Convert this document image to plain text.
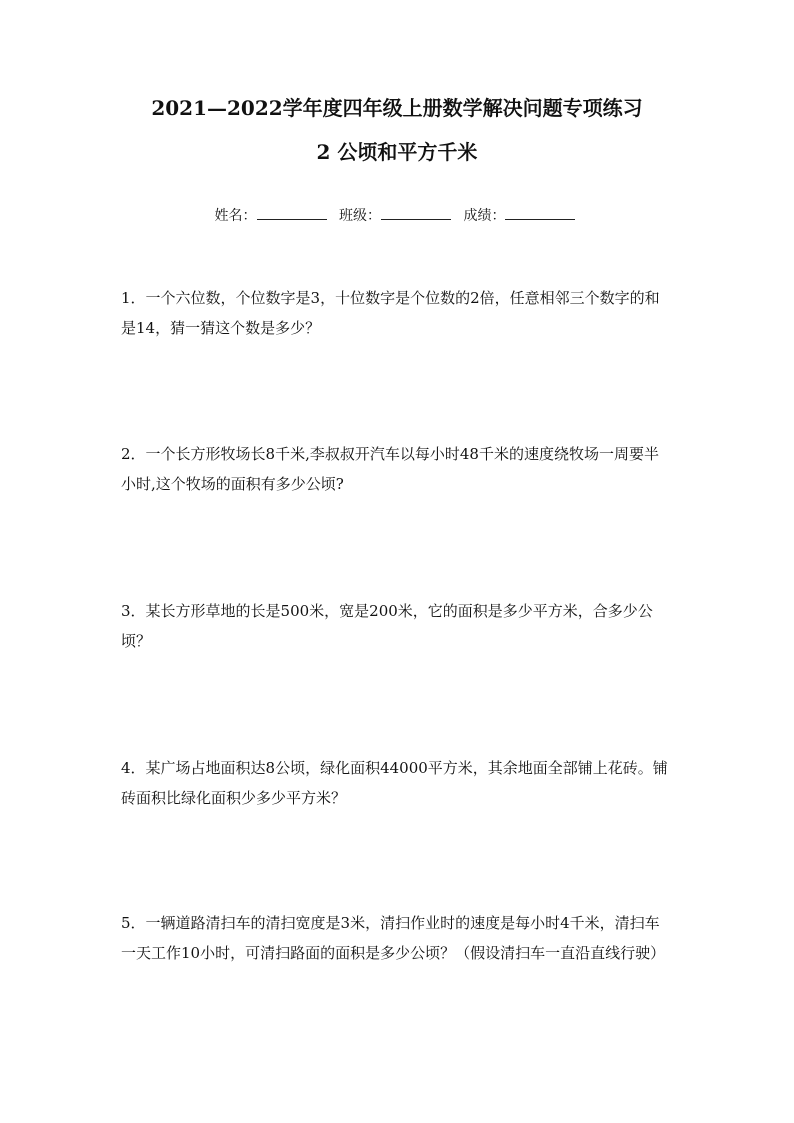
2021—2022学年度四年级上册数学解决问题专项练习
2 公顷和平方千米
姓名：	班级：	成绩：
1．一个六位数，个位数字是3，十位数字是个位数的2倍，任意相邻三个数字的和是14，猜一猜这个数是多少？
2．一个长方形牧场长8千米,李叔叔开汽车以每小时48千米的速度绕牧场一周要半小时,这个牧场的面积有多少公顷?
3．某长方形草地的长是500米，宽是200米，它的面积是多少平方米，合多少公顷？
4．某广场占地面积达8公顷，绿化面积44000平方米，其余地面全部铺上花砖。铺砖面积比绿化面积少多少平方米？
5．一辆道路清扫车的清扫宽度是3米，清扫作业时的速度是每小时4千米，清扫车一天工作10小时，可清扫路面的面积是多少公顷？（假设清扫车一直沿直线行驶）
